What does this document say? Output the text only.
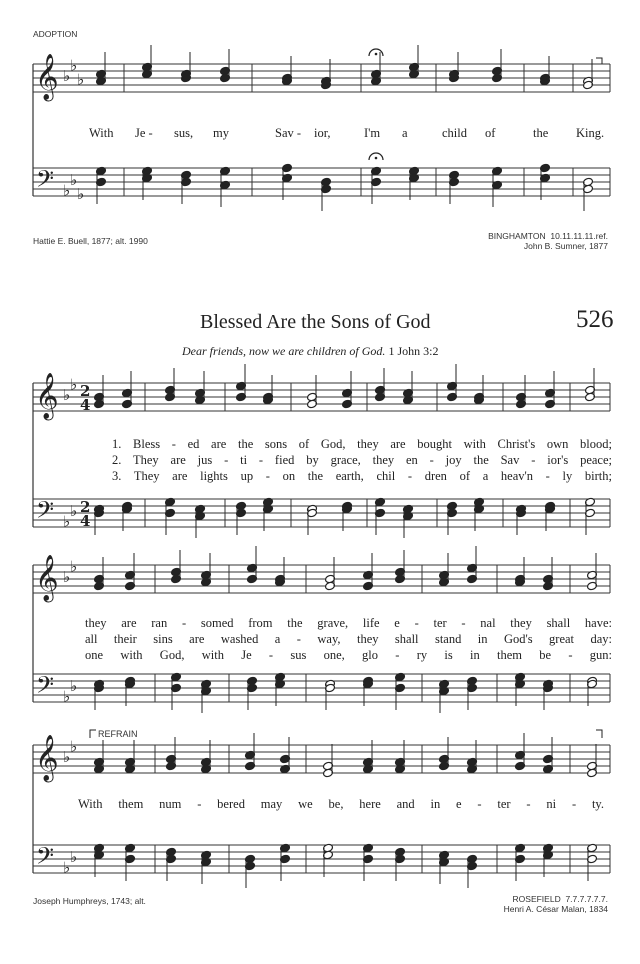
ADOPTION
𝄞
𝄢
♭
♭
♭
♭
♭
♭
𝄞
𝄢
♭
♭
♭
♭
2
4
2
4
𝄞
𝄢
♭
♭
♭
♭
𝄞
𝄢
♭
♭
♭
♭
With Je - sus, my	Sav - ior,	I'm a	child of	the King.
Hattie E. Buell, 1877; alt. 1990	BINGHAMTON 10.11.11.11.ref.
John B. Sumner, 1877
Blessed Are the Sons of God	526
Dear friends, now we are children of God. 1 John 3:2
1. Bless - ed are the sons of God, they are bought with Christ's own blood;
2. They are jus - ti - fied by grace, they en - joy the Sav - ior's peace;
3. They are lights up - on the earth, chil - dren of a heav'n - ly birth;
they are ran - somed from the grave, life e - ter - nal they shall have:
all their sins are washed a - way, they shall stand in God's great day:
one with God, with Je - sus one, glo - ry is in them be - gun:
REFRAIN
With them num - bered may we be, here and in e - ter - ni - ty.
Joseph Humphreys, 1743; alt.	ROSEFIELD 7.7.7.7.7.7.
Henri A. César Malan, 1834
